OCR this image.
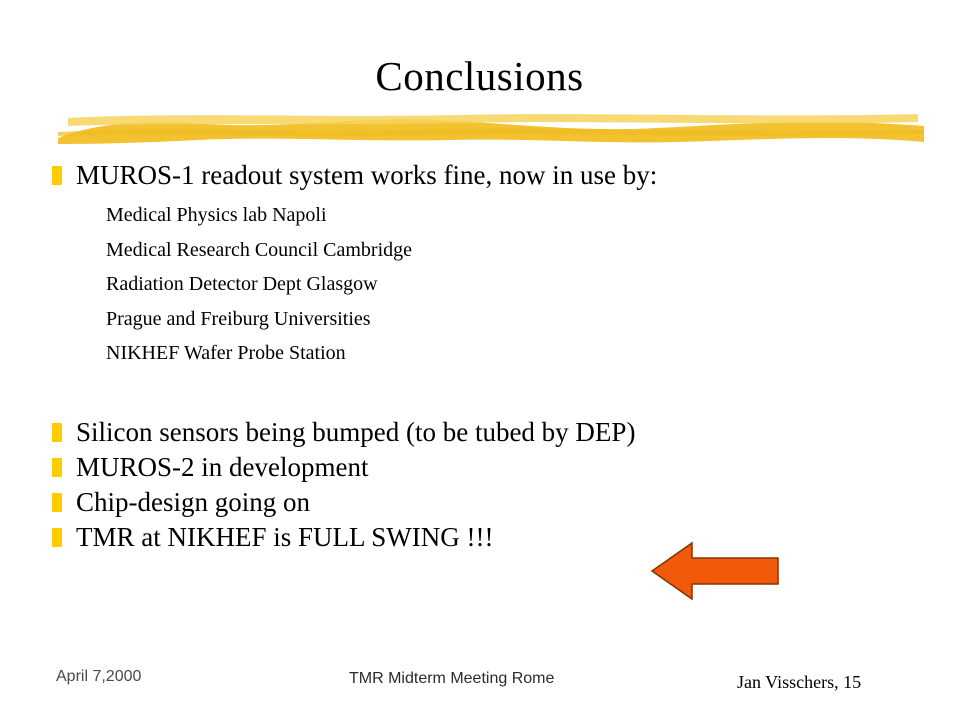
Conclusions
MUROS-1 readout system works fine, now in use by:
Medical Physics lab Napoli
Medical Research Council Cambridge
Radiation Detector Dept Glasgow
Prague and Freiburg Universities
NIKHEF Wafer Probe Station
Silicon sensors being bumped (to be tubed by DEP)
MUROS-2 in development
Chip-design going on
TMR at NIKHEF is FULL SWING !!!
April 7,2000	TMR Midterm Meeting Rome	Jan Visschers, 15
